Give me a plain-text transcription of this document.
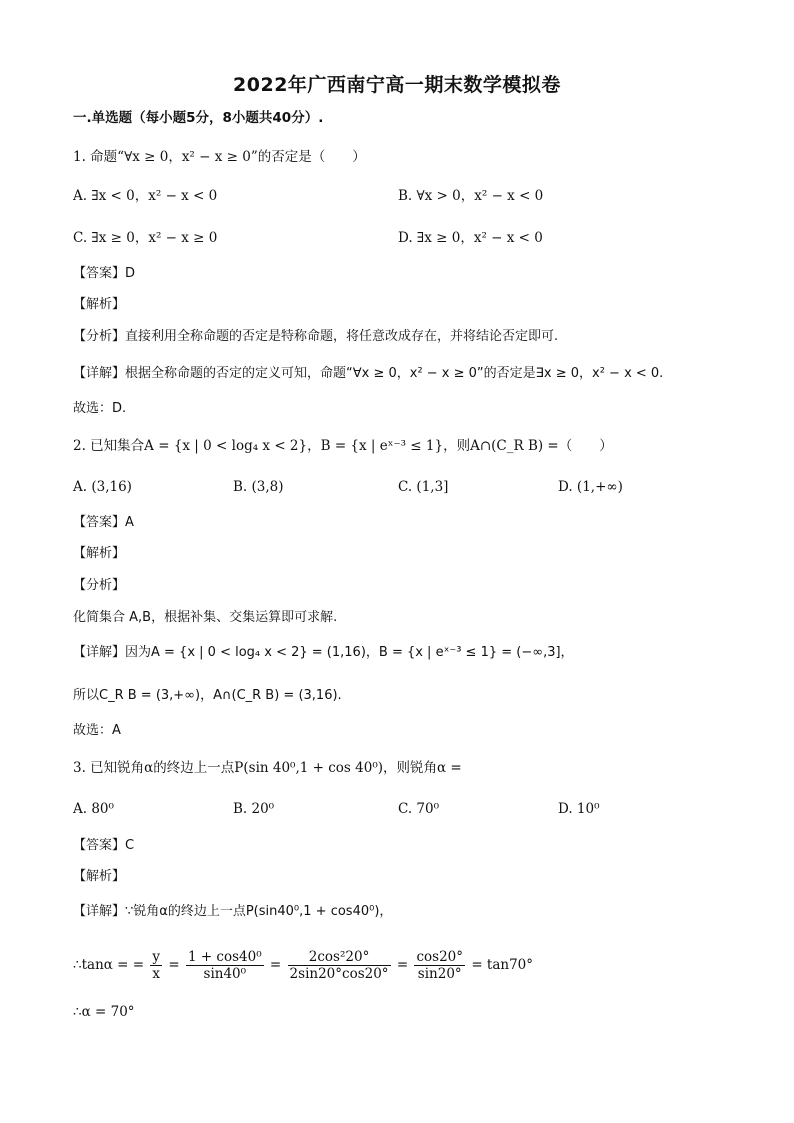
2022年广西南宁高一期末数学模拟卷
一.单选题（每小题5分，8小题共40分）.
1. 命题“∀x ≥ 0，x² − x ≥ 0”的否定是（　　）
A. ∃x < 0，x² − x < 0	B. ∀x > 0，x² − x < 0
C. ∃x ≥ 0，x² − x ≥ 0	D. ∃x ≥ 0，x² − x < 0
【答案】D
【解析】
【分析】直接利用全称命题的否定是特称命题，将任意改成存在，并将结论否定即可.
【详解】根据全称命题的否定的定义可知，命题“∀x ≥ 0，x² − x ≥ 0”的否定是∃x ≥ 0，x² − x < 0.
故选：D.
2. 已知集合A = {x | 0 < log₄ x < 2}，B = {x | eˣ⁻³ ≤ 1}，则A∩(C_R B) =（　　）
A. (3,16)	B. (3,8)	C. (1,3]	D. (1,+∞)
【答案】A
【解析】
【分析】
化简集合 A,B，根据补集、交集运算即可求解.
【详解】因为A = {x | 0 < log₄ x < 2} = (1,16)，B = {x | eˣ⁻³ ≤ 1} = (−∞,3]，
所以C_R B = (3,+∞)，A∩(C_R B) = (3,16).
故选：A
3. 已知锐角α的终边上一点P(sin 40⁰,1 + cos 40⁰)，则锐角α =
A. 80⁰	B. 20⁰	C. 70⁰	D. 10⁰
【答案】C
【解析】
【详解】∵锐角α的终边上一点P(sin40⁰,1 + cos40⁰)，
∴tanα = = $\frac{y}{x} = \frac{\text{1 + cos40⁰}}{\text{sin40⁰}} = \frac{\text{2cos²20°}}{2\sin 20^\circ\cos 20^\circ} = \frac{\cos 20^\circ}{\sin 20^\circ} = \tan 70^\circ$
∴α = 70°
